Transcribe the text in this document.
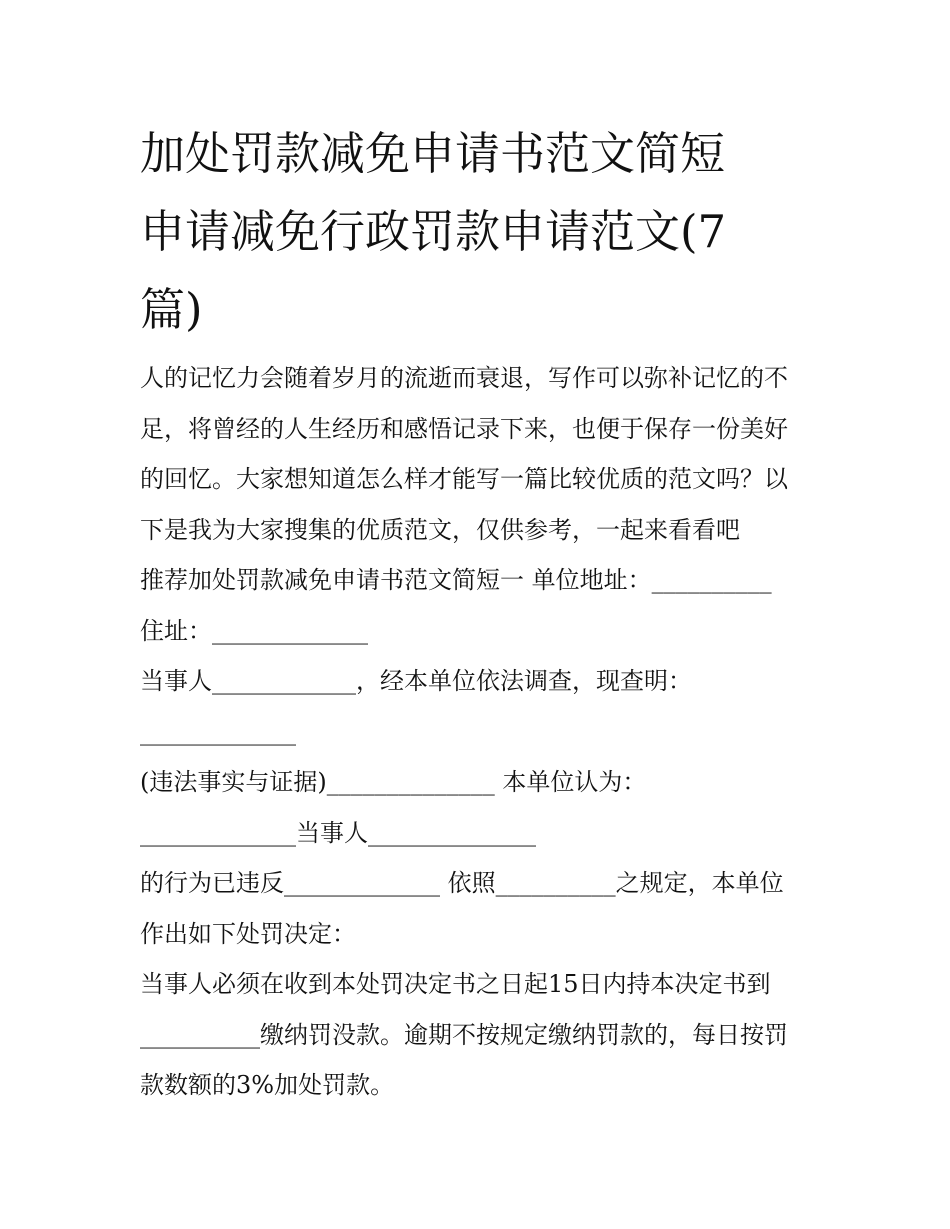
加处罚款减免申请书范文简短
申请减免行政罚款申请范文(7
篇)
人的记忆力会随着岁月的流逝而衰退，写作可以弥补记忆的不
足，将曾经的人生经历和感悟记录下来，也便于保存一份美好
的回忆。大家想知道怎么样才能写一篇比较优质的范文吗？以
下是我为大家搜集的优质范文，仅供参考，一起来看看吧
推荐加处罚款减免申请书范文简短一 单位地址：__________
住址：_____________
当事人____________，经本单位依法调查，现查明：
_____________
(违法事实与证据)______________ 本单位认为：
_____________当事人______________
的行为已违反_____________ 依照__________之规定，本单位
作出如下处罚决定：
当事人必须在收到本处罚决定书之日起15日内持本决定书到
__________缴纳罚没款。逾期不按规定缴纳罚款的，每日按罚
款数额的3%加处罚款。
